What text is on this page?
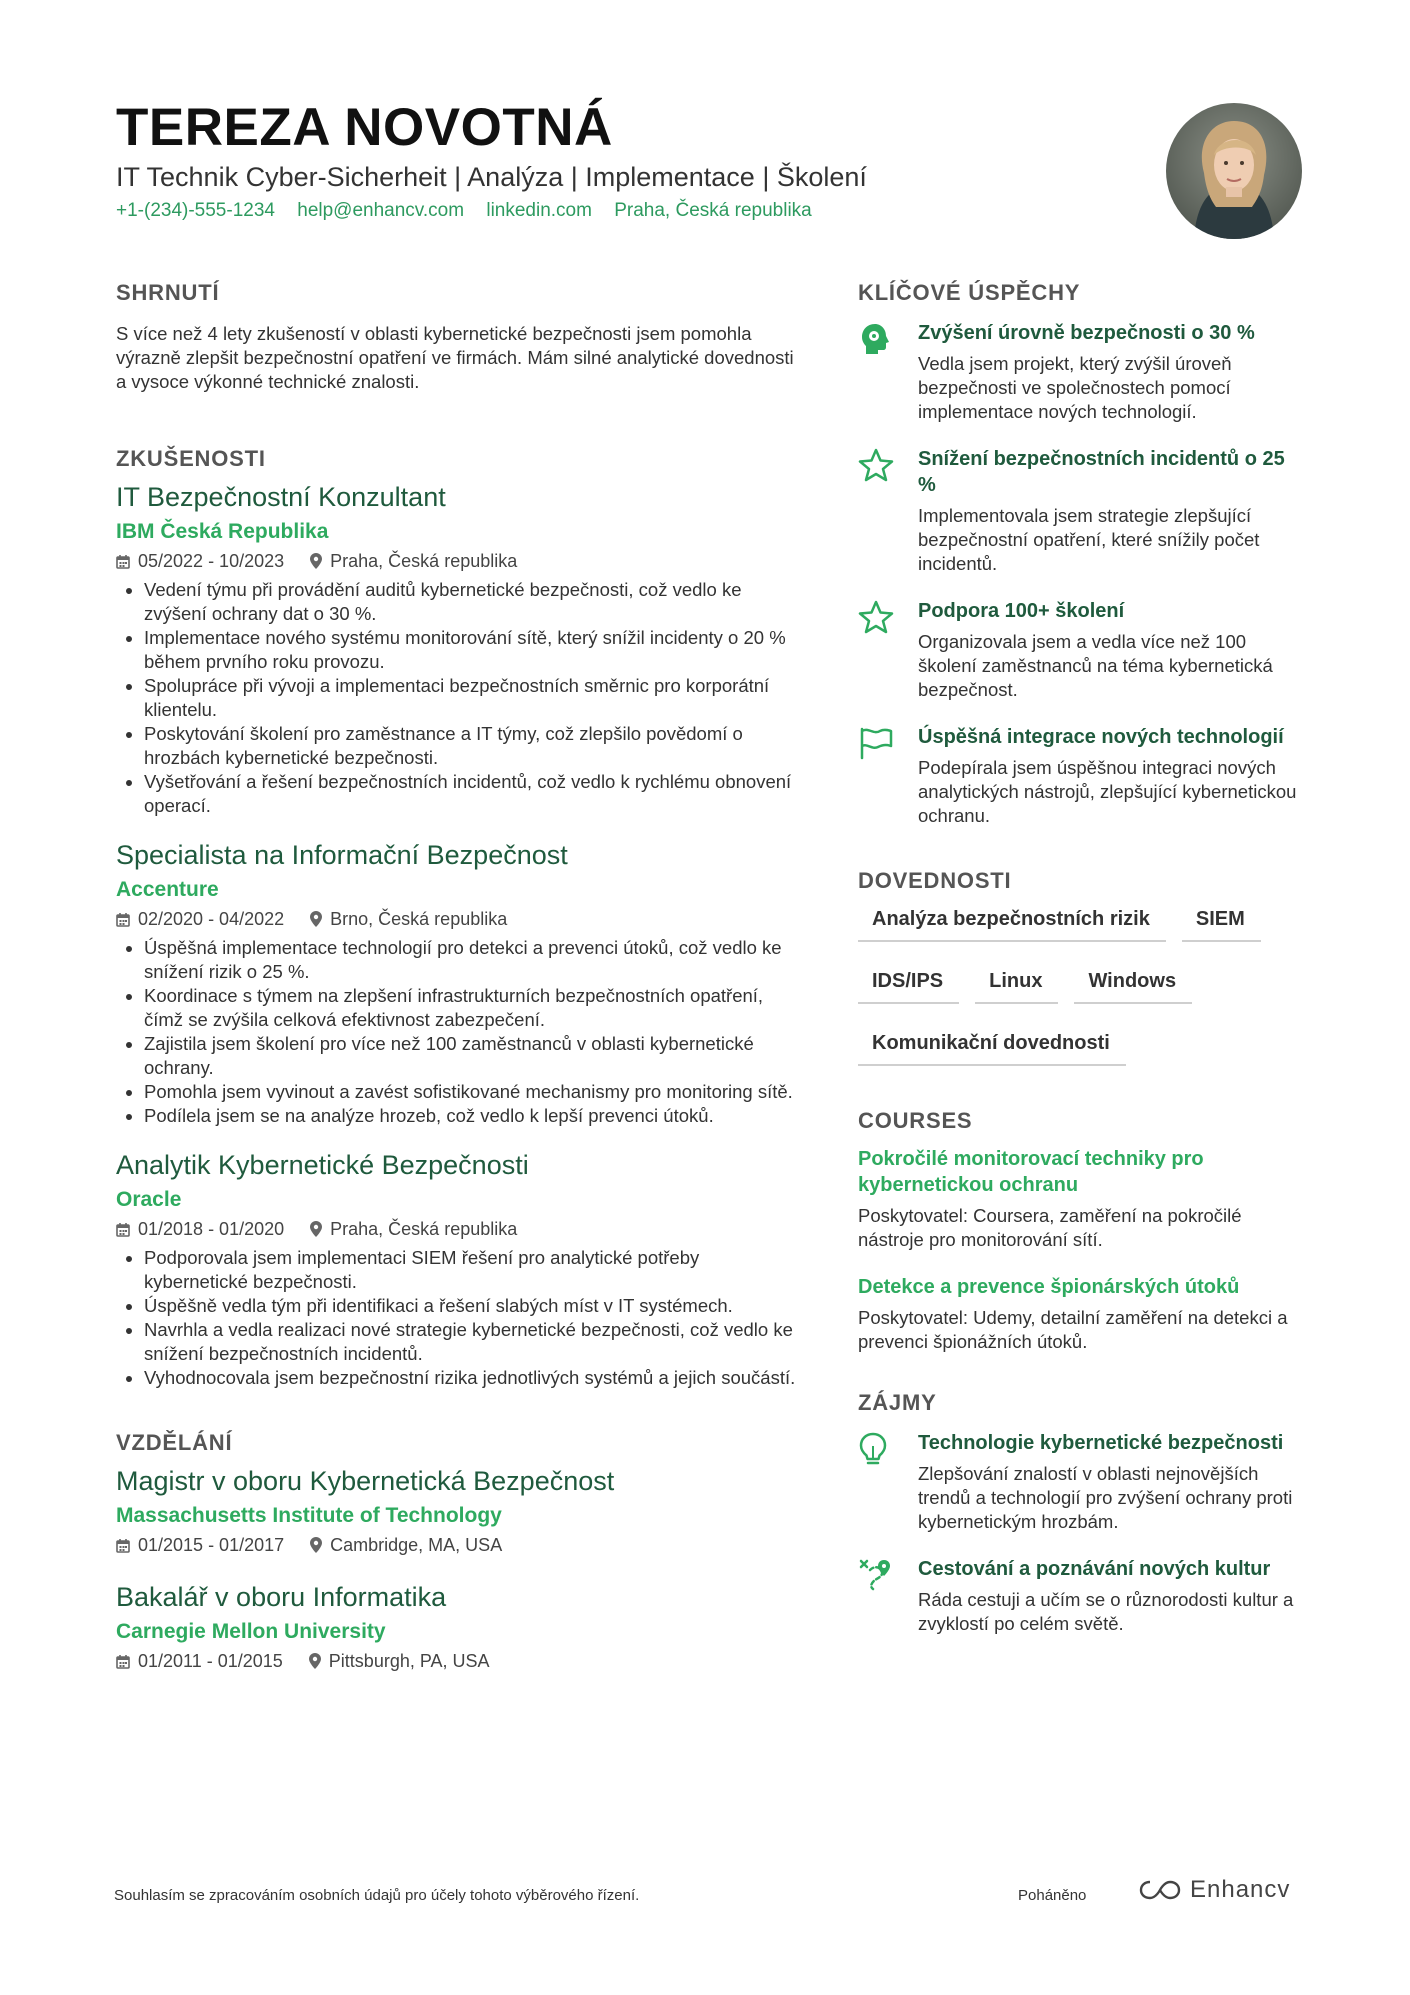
TEREZA NOVOTNÁ
IT Technik Cyber-Sicherheit | Analýza | Implementace | Školení
+1-(234)-555-1234 help@enhancv.com linkedin.com Praha, Česká republika
SHRNUTÍ

S více než 4 lety zkušeností v oblasti kybernetické bezpečnosti jsem pomohla výrazně zlepšit bezpečnostní opatření ve firmách. Mám silné analytické dovednosti a vysoce výkonné technické znalosti.

ZKUŠENOSTI
IT Bezpečnostní Konzultant
IBM Česká Republika
05/2022 - 10/2023	Praha, Česká republika
• Vedení týmu při provádění auditů kybernetické bezpečnosti, což vedlo ke zvýšení ochrany dat o 30 %.
• Implementace nového systému monitorování sítě, který snížil incidenty o 20 % během prvního roku provozu.
• Spolupráce při vývoji a implementaci bezpečnostních směrnic pro korporátní klientelu.
• Poskytování školení pro zaměstnance a IT týmy, což zlepšilo povědomí o hrozbách kybernetické bezpečnosti.
• Vyšetřování a řešení bezpečnostních incidentů, což vedlo k rychlému obnovení operací.
Specialista na Informační Bezpečnost
Accenture
02/2020 - 04/2022	Brno, Česká republika
• Úspěšná implementace technologií pro detekci a prevenci útoků, což vedlo ke snížení rizik o 25 %.
• Koordinace s týmem na zlepšení infrastrukturních bezpečnostních opatření, čímž se zvýšila celková efektivnost zabezpečení.
• Zajistila jsem školení pro více než 100 zaměstnanců v oblasti kybernetické ochrany.
• Pomohla jsem vyvinout a zavést sofistikované mechanismy pro monitoring sítě.
• Podílela jsem se na analýze hrozeb, což vedlo k lepší prevenci útoků.
Analytik Kybernetické Bezpečnosti
Oracle
01/2018 - 01/2020	Praha, Česká republika
• Podporovala jsem implementaci SIEM řešení pro analytické potřeby kybernetické bezpečnosti.
• Úspěšně vedla tým při identifikaci a řešení slabých míst v IT systémech.
• Navrhla a vedla realizaci nové strategie kybernetické bezpečnosti, což vedlo ke snížení bezpečnostních incidentů.
• Vyhodnocovala jsem bezpečnostní rizika jednotlivých systémů a jejich součástí.
VZDĚLÁNÍ
Magistr v oboru Kybernetická Bezpečnost
Massachusetts Institute of Technology
01/2015 - 01/2017	Cambridge, MA, USA
Bakalář v oboru Informatika
Carnegie Mellon University
01/2011 - 01/2015	Pittsburgh, PA, USA
KLÍČOVÉ ÚSPĚCHY
Zvýšení úrovně bezpečnosti o 30 %
Vedla jsem projekt, který zvýšil úroveň bezpečnosti ve společnostech pomocí implementace nových technologií.
Snížení bezpečnostních incidentů o 25 %
Implementovala jsem strategie zlepšující bezpečnostní opatření, které snížily počet incidentů.
Podpora 100+ školení
Organizovala jsem a vedla více než 100 školení zaměstnanců na téma kybernetická bezpečnost.
Úspěšná integrace nových technologií
Podepírala jsem úspěšnou integraci nových analytických nástrojů, zlepšující kybernetickou ochranu.
DOVEDNOSTI
Analýza bezpečnostních rizik	SIEM
IDS/IPS	Linux	Windows
Komunikační dovednosti
COURSES
Pokročilé monitorovací techniky pro kybernetickou ochranu
Poskytovatel: Coursera, zaměření na pokročilé nástroje pro monitorování sítí.
Detekce a prevence špionárských útoků
Poskytovatel: Udemy, detailní zaměření na detekci a prevenci špionážních útoků.
ZÁJMY
Technologie kybernetické bezpečnosti
Zlepšování znalostí v oblasti nejnovějších trendů a technologií pro zvýšení ochrany proti kybernetickým hrozbám.
Cestování a poznávání nových kultur
Ráda cestuji a učím se o různorodosti kultur a zvyklostí po celém světě.
Souhlasím se zpracováním osobních údajů pro účely tohoto výběrového řízení.	Poháněno	Enhancv
